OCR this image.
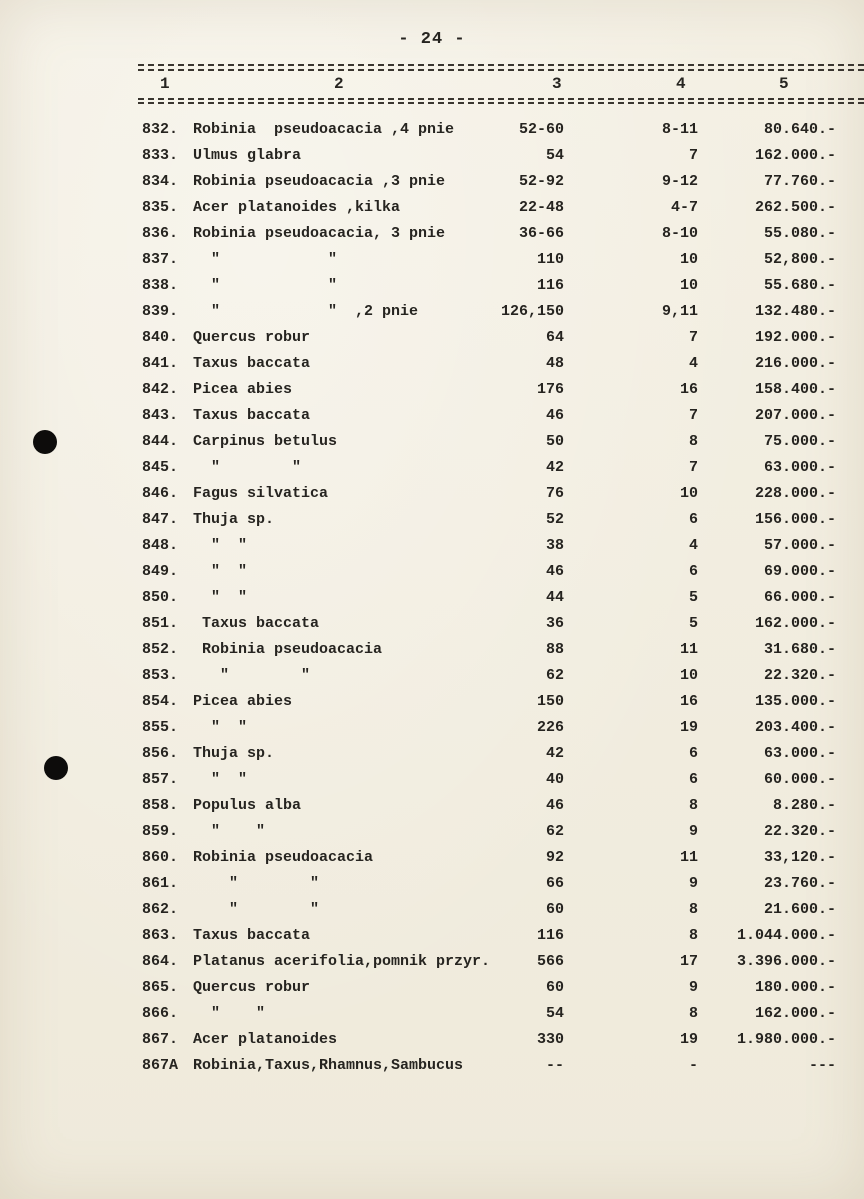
- 24 -
1	2	3	4	5
832. Robinia  pseudoacacia ,4 pnie	52-60	8-11	80.640.-
833. Ulmus glabra	54	7	162.000.-
834. Robinia pseudoacacia ,3 pnie	52-92	9-12	77.760.-
835. Acer platanoides ,kilka	22-48	4-7	262.500.-
836. Robinia pseudoacacia, 3 pnie	36-66	8-10	55.080.-
837. "            "	110	10	52,800.-
838. "            "	116	10	55.680.-
839. "            "  ,2 pnie	126,150	9,11	132.480.-
840. Quercus robur	64	7	192.000.-
841. Taxus baccata	48	4	216.000.-
842. Picea abies	176	16	158.400.-
843. Taxus baccata	46	7	207.000.-
844. Carpinus betulus	50	8	75.000.-
845. "        "	42	7	63.000.-
846. Fagus silvatica	76	10	228.000.-
847. Thuja sp.	52	6	156.000.-
848. "  "	38	4	57.000.-
849. "  "	46	6	69.000.-
850. "  "	44	5	66.000.-
851. Taxus baccata	36	5	162.000.-
852. Robinia pseudoacacia	88	11	31.680.-
853. "        "	62	10	22.320.-
854. Picea abies	150	16	135.000.-
855. "  "	226	19	203.400.-
856. Thuja sp.	42	6	63.000.-
857. "  "	40	6	60.000.-
858. Populus alba	46	8	8.280.-
859. "    "	62	9	22.320.-
860. Robinia pseudoacacia	92	11	33,120.-
861. "        "	66	9	23.760.-
862. "        "	60	8	21.600.-
863. Taxus baccata	116	8	1.044.000.-
864. Platanus acerifolia,pomnik przyr.	566	17	3.396.000.-
865. Quercus robur	60	9	180.000.-
866. "    "	54	8	162.000.-
867. Acer platanoides	330	19	1.980.000.-
867A Robinia,Taxus,Rhamnus,Sambucus	--	-	---
